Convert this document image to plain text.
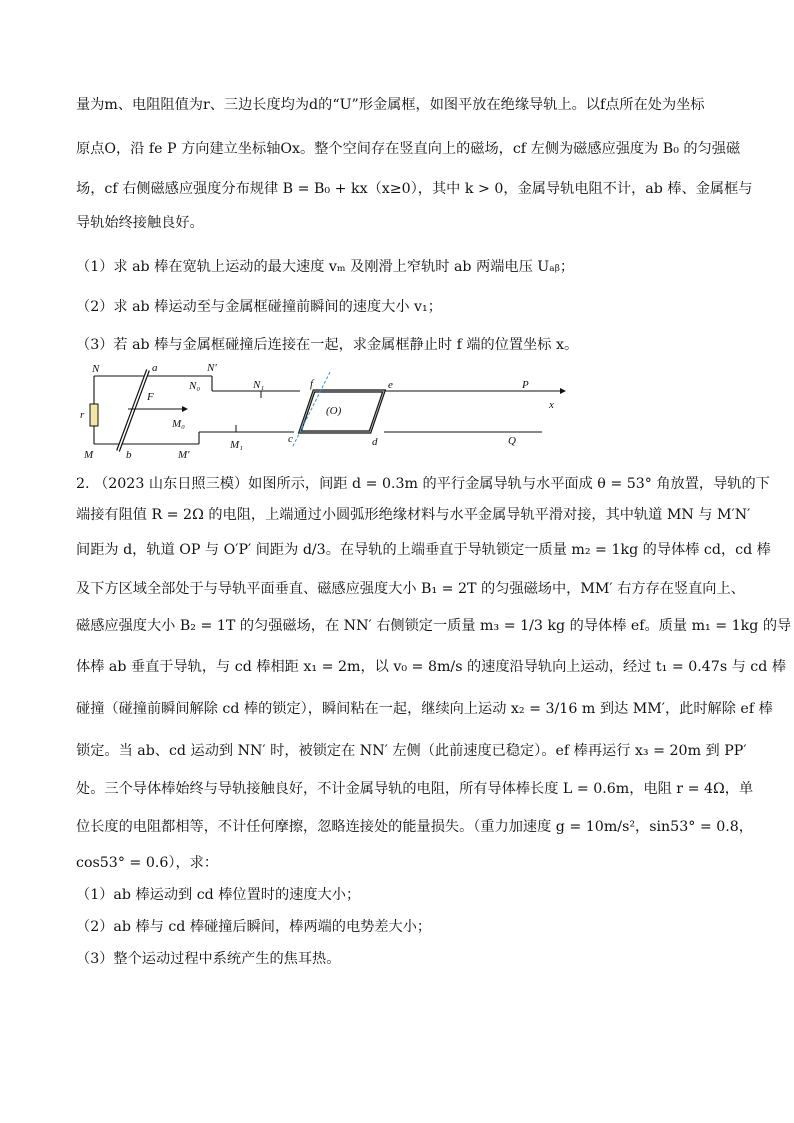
量为m、电阻阻值为r、三边长度均为d的“U”形金属框，如图平放在绝缘导轨上。以f点所在处为坐标
原点O，沿 fe P 方向建立坐标轴Ox。整个空间存在竖直向上的磁场，cf 左侧为磁感应强度为 B₀ 的匀强磁
场，cf 右侧磁感应强度分布规律 B = B₀ + kx（x≥0），其中 k > 0，金属导轨电阻不计，ab 棒、金属框与
导轨始终接触良好。
（1）求 ab 棒在宽轨上运动的最大速度 vₘ 及刚滑上窄轨时 ab 两端电压 Uₐᵦ；
（2）求 ab 棒运动至与金属框碰撞前瞬间的速度大小 v₁；
（3）若 ab 棒与金属框碰撞后连接在一起，求金属框静止时 f 端的位置坐标 x。
N
M
a
b
r
F
N′
M′
N₀
M₀
N₁
M₁
f	e
c	d
(O)
P
Q
x
2. （2023 山东日照三模）如图所示，间距 d = 0.3m 的平行金属导轨与水平面成 θ = 53° 角放置，导轨的下
端接有阻值 R = 2Ω 的电阻，上端通过小圆弧形绝缘材料与水平金属导轨平滑对接，其中轨道 MN 与 M′N′
间距为 d，轨道 OP 与 O′P′ 间距为 d/3。在导轨的上端垂直于导轨锁定一质量 m₂ = 1kg 的导体棒 cd，cd 棒
及下方区域全部处于与导轨平面垂直、磁感应强度大小 B₁ = 2T 的匀强磁场中，MM′ 右方存在竖直向上、
磁感应强度大小 B₂ = 1T 的匀强磁场，在 NN′ 右侧锁定一质量 m₃ = 1/3 kg 的导体棒 ef。质量 m₁ = 1kg 的导
体棒 ab 垂直于导轨，与 cd 棒相距 x₁ = 2m，以 v₀ = 8m/s 的速度沿导轨向上运动，经过 t₁ = 0.47s 与 cd 棒
碰撞（碰撞前瞬间解除 cd 棒的锁定），瞬间粘在一起，继续向上运动 x₂ = 3/16 m 到达 MM′，此时解除 ef 棒
锁定。当 ab、cd 运动到 NN′ 时，被锁定在 NN′ 左侧（此前速度已稳定）。ef 棒再运行 x₃ = 20m 到 PP′
处。三个导体棒始终与导轨接触良好，不计金属导轨的电阻，所有导体棒长度 L = 0.6m，电阻 r = 4Ω，单
位长度的电阻都相等，不计任何摩擦，忽略连接处的能量损失。（重力加速度 g = 10m/s²，sin53° = 0.8，
cos53° = 0.6），求：
（1）ab 棒运动到 cd 棒位置时的速度大小；
（2）ab 棒与 cd 棒碰撞后瞬间，棒两端的电势差大小；
（3）整个运动过程中系统产生的焦耳热。
